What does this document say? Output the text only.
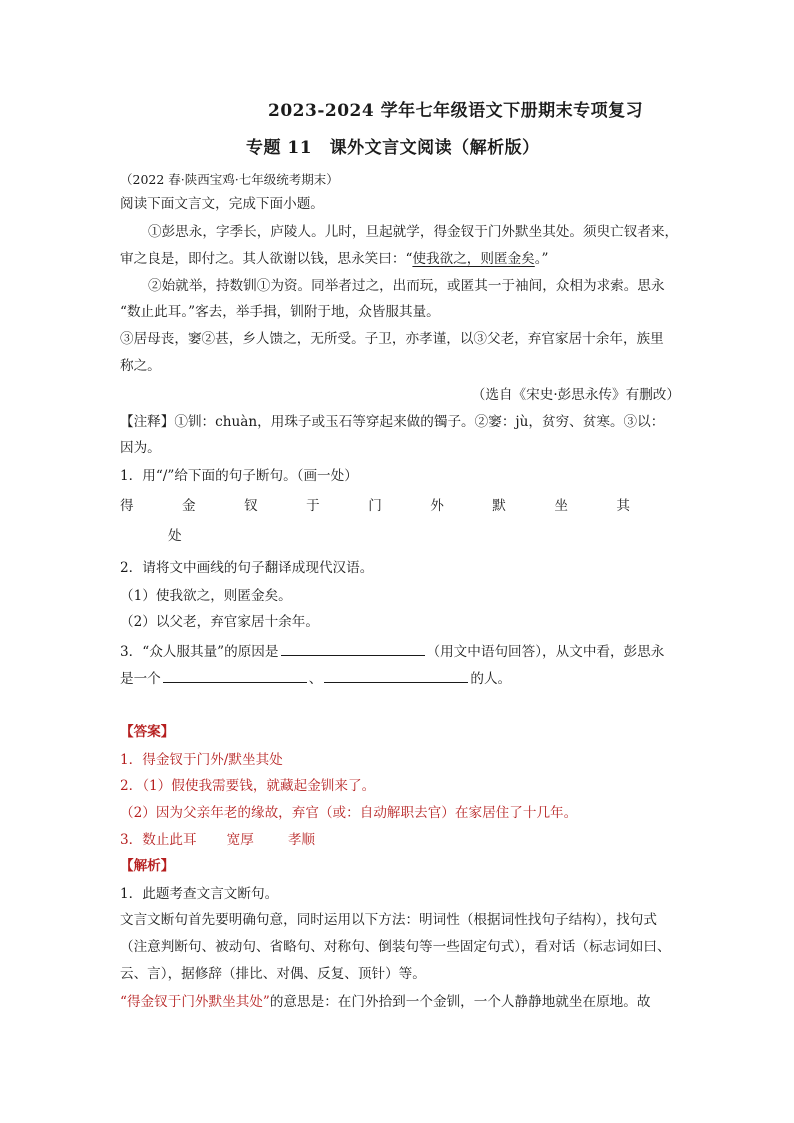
2023-2024 学年七年级语文下册期末专项复习
专题 11　课外文言文阅读（解析版）
（2022 春·陕西宝鸡·七年级统考期末）
阅读下面文言文，完成下面小题。
①彭思永，字季长，庐陵人。儿时，旦起就学，得金钗于门外默坐其处。须臾亡钗者来，
审之良是，即付之。其人欲谢以钱，思永笑曰：“使我欲之，则匿金矣。”
②始就举，持数钏①为资。同举者过之，出而玩，或匿其一于袖间，众相为求索。思永
“数止此耳。”客去，举手揖，钏附于地，众皆服其量。
③居母丧，窭②甚，乡人馈之，无所受。子卫，亦孝谨，以③父老，弃官家居十余年，族里
称之。
（选自《宋史·彭思永传》有删改）
【注释】①钏：chuàn，用珠子或玉石等穿起来做的镯子。②窭：jù，贫穷、贫寒。③以：
因为。
1．用“/”给下面的句子断句。（画一处）
得	金	钗	于	门	外	默	坐	其
处
2．请将文中画线的句子翻译成现代汉语。
（1）使我欲之，则匿金矣。
（2）以父老，弃官家居十余年。
3．“众人服其量”的原因是	（用文中语句回答），从文中看，彭思永
是一个	、	的人。
【答案】
1．得金钗于门外/默坐其处
2．（1）假使我需要钱，就藏起金钏来了。
（2）因为父亲年老的缘故，弃官（或：自动解职去官）在家居住了十几年。
3．数止此耳 宽厚	孝顺
【解析】
1．此题考查文言文断句。
文言文断句首先要明确句意，同时运用以下方法：明词性（根据词性找句子结构），找句式
（注意判断句、被动句、省略句、对称句、倒装句等一些固定句式），看对话（标志词如曰、
云、言），据修辞（排比、对偶、反复、顶针）等。
“得金钗于门外默坐其处”的意思是：在门外拾到一个金钏，一个人静静地就坐在原地。故
